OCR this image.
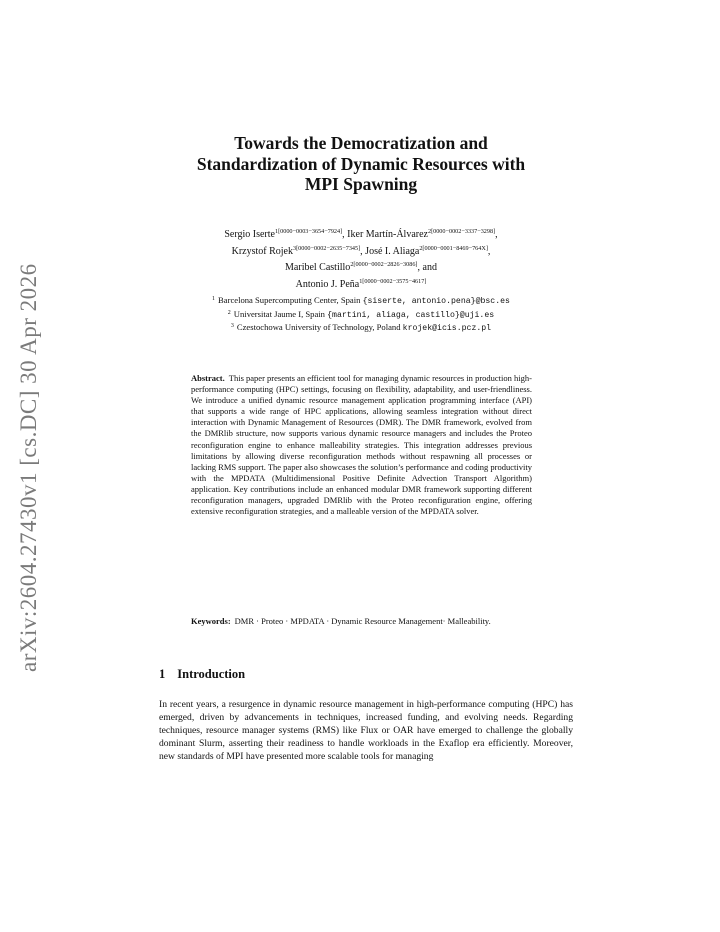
arXiv:2604.27430v1 [cs.DC] 30 Apr 2026
Towards the Democratization and
Standardization of Dynamic Resources with
MPI Spawning
Sergio Iserte$^{1[0000-0003-3654-7924]}$, Iker Martín-Álvarez$^{2[0000-0002-3337-3298]}$,
Krzystof Rojek$^{3[0000-0002-2635-7345]}$, José I. Aliaga$^{2[0000-0001-8469-764X]}$,
Maribel Castillo$^{2[0000-0002-2826-3086]}$, and
Antonio J. Peña$^{1[0000-0002-3575-4617]}$
$^1$ Barcelona Supercomputing Center, Spain {siserte, antonio.pena}@bsc.es
$^2$ Universitat Jaume I, Spain {martini, aliaga, castillo}@uji.es
$^3$ Czestochowa University of Technology, Poland krojek@icis.pcz.pl
Abstract. This paper presents an efficient tool for managing dynamic resources in production high-performance computing (HPC) settings, focusing on flexibility, adaptability, and user-friendliness. We introduce a unified dynamic resource management application programming interface (API) that supports a wide range of HPC applications, allowing seamless integration without direct interaction with Dynamic Management of Resources (DMR). The DMR framework, evolved from the DMRlib structure, now supports various dynamic resource managers and includes the Proteo reconfiguration engine to enhance malleability strategies. This integration addresses previous limitations by allowing diverse reconfiguration methods without respawning all processes or lacking RMS support. The paper also showcases the solution’s performance and coding productivity with the MPDATA (Multidimensional Positive Definite Advection Transport Algorithm) application. Key contributions include an enhanced modular DMR framework supporting different reconfiguration managers, upgraded DMRlib with the Proteo reconfiguration engine, offering extensive reconfiguration strategies, and a malleable version of the MPDATA solver.
Keywords: DMR · Proteo · MPDATA · Dynamic Resource Management· Malleability.
1 Introduction
In recent years, a resurgence in dynamic resource management in high-performance computing (HPC) has emerged, driven by advancements in techniques, increased funding, and evolving needs. Regarding techniques, resource manager systems (RMS) like Flux or OAR have emerged to challenge the globally dominant Slurm, asserting their readiness to handle workloads in the Exaflop era efficiently. Moreover, new standards of MPI have presented more scalable tools for managing
